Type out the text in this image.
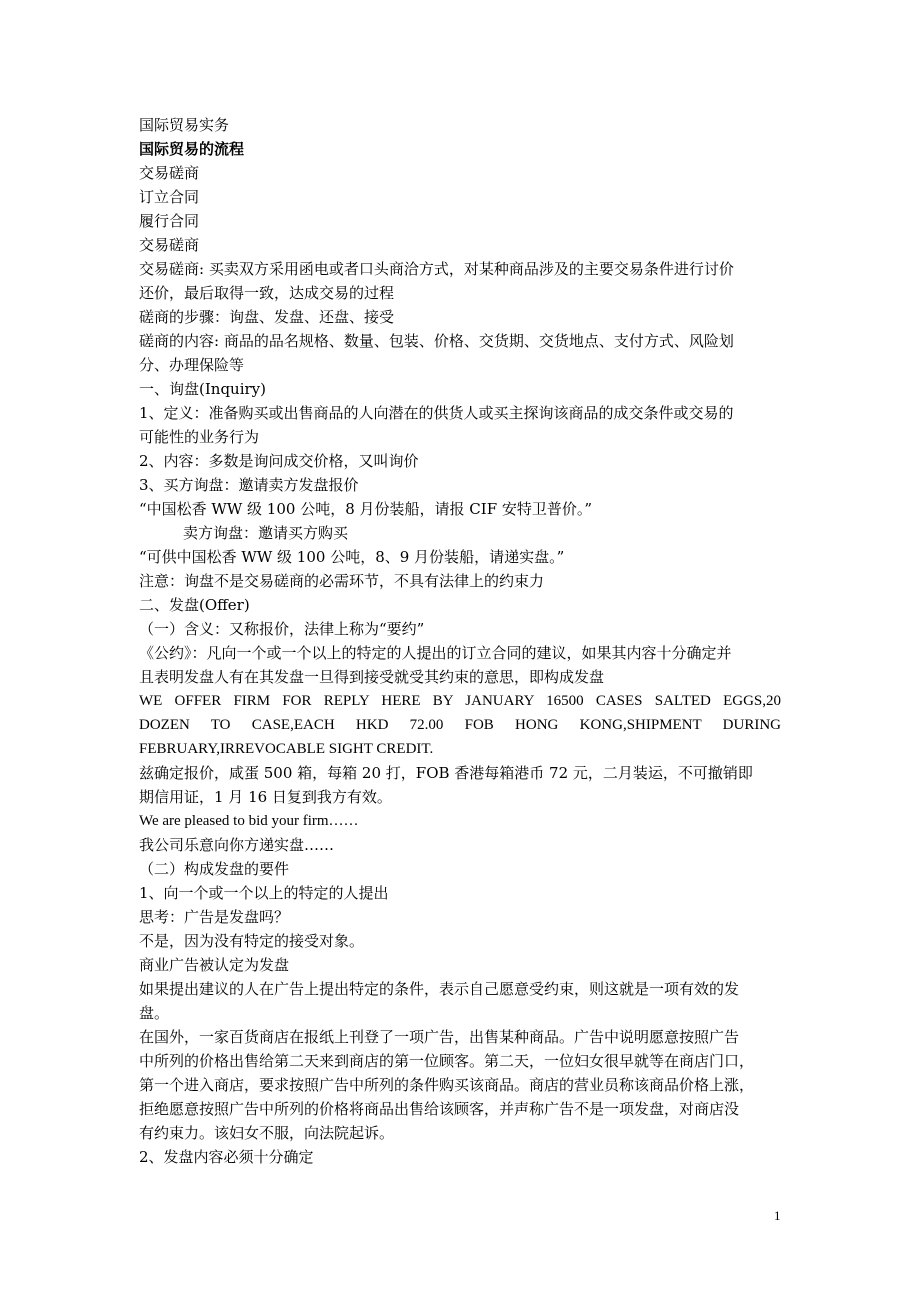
国际贸易实务
国际贸易的流程
交易磋商
订立合同
履行合同
交易磋商
交易磋商: 买卖双方采用函电或者口头商洽方式，对某种商品涉及的主要交易条件进行讨价
还价，最后取得一致，达成交易的过程
磋商的步骤：询盘、发盘、还盘、接受
磋商的内容: 商品的品名规格、数量、包装、价格、交货期、交货地点、支付方式、风险划
分、办理保险等
一、询盘(Inquiry)
1、定义：准备购买或出售商品的人向潜在的供货人或买主探询该商品的成交条件或交易的
可能性的业务行为
2、内容：多数是询问成交价格，又叫询价
3、买方询盘：邀请卖方发盘报价
“中国松香 WW 级 100 公吨，8 月份装船，请报 CIF 安特卫普价。”
卖方询盘：邀请买方购买
“可供中国松香 WW 级 100 公吨，8、9 月份装船，请递实盘。”
注意：询盘不是交易磋商的必需环节，不具有法律上的约束力
二、发盘(Offer)
（一）含义：又称报价，法律上称为“要约”
《公约》：凡向一个或一个以上的特定的人提出的订立合同的建议，如果其内容十分确定并
且表明发盘人有在其发盘一旦得到接受就受其约束的意思，即构成发盘
WE OFFER FIRM FOR REPLY HERE BY JANUARY 16500 CASES SALTED EGGS,20
DOZEN TO CASE,EACH HKD 72.00 FOB HONG KONG,SHIPMENT DURING
FEBRUARY,IRREVOCABLE SIGHT CREDIT.
兹确定报价，咸蛋 500 箱，每箱 20 打，FOB 香港每箱港币 72 元，二月装运，不可撤销即
期信用证，1 月 16 日复到我方有效。
We are pleased to bid your firm……
我公司乐意向你方递实盘……
（二）构成发盘的要件
1、向一个或一个以上的特定的人提出
思考：广告是发盘吗？
不是，因为没有特定的接受对象。
商业广告被认定为发盘
如果提出建议的人在广告上提出特定的条件，表示自己愿意受约束，则这就是一项有效的发
盘。
在国外，一家百货商店在报纸上刊登了一项广告，出售某种商品。广告中说明愿意按照广告
中所列的价格出售给第二天来到商店的第一位顾客。第二天，一位妇女很早就等在商店门口，
第一个进入商店，要求按照广告中所列的条件购买该商品。商店的营业员称该商品价格上涨，
拒绝愿意按照广告中所列的价格将商品出售给该顾客，并声称广告不是一项发盘，对商店没
有约束力。该妇女不服，向法院起诉。
2、发盘内容必须十分确定
1
